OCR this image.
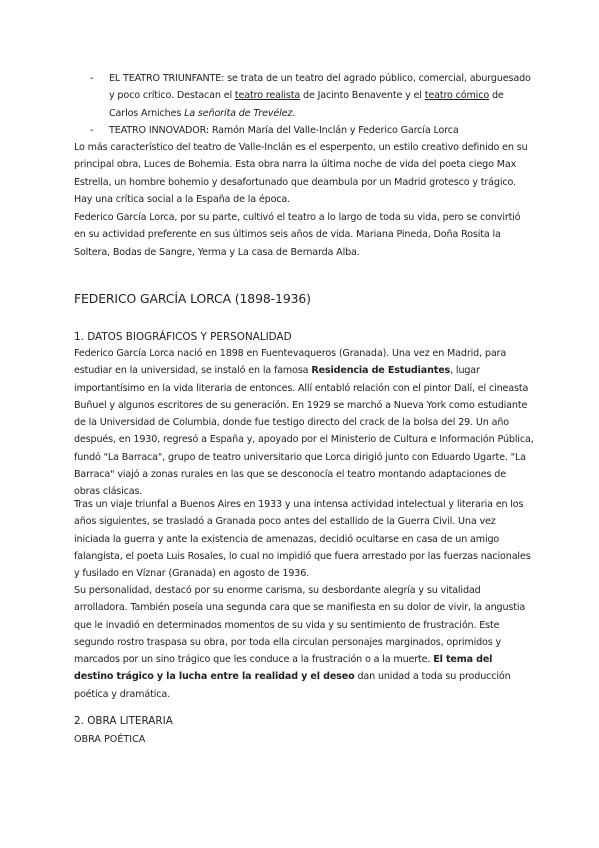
- EL TEATRO TRIUNFANTE: se trata de un teatro del agrado público, comercial, aburguesado y poco crítico. Destacan el teatro realista de Jacinto Benavente y el teatro cómico de Carlos Arniches La señorita de Trevélez.
- TEATRO INNOVADOR: Ramón María del Valle-Inclán y Federico García Lorca
Lo más característico del teatro de Valle-Inclán es el esperpento, un estilo creativo definido en su principal obra, Luces de Bohemia. Esta obra narra la última noche de vida del poeta ciego Max Estrella, un hombre bohemio y desafortunado que deambula por un Madrid grotesco y trágico. Hay una crítica social a la España de la época.
Federico García Lorca, por su parte, cultivó el teatro a lo largo de toda su vida, pero se convirtió en su actividad preferente en sus últimos seis años de vida. Mariana Pineda, Doña Rosita la Soltera, Bodas de Sangre, Yerma y La casa de Bernarda Alba.
FEDERICO GARCÍA LORCA (1898-1936)
1. DATOS BIOGRÁFICOS Y PERSONALIDAD
Federico García Lorca nació en 1898 en Fuentevaqueros (Granada). Una vez en Madrid, para estudiar en la universidad, se instaló en la famosa Residencia de Estudiantes, lugar importantísimo en la vida literaria de entonces. Allí entabló relación con el pintor Dalí, el cineasta Buñuel y algunos escritores de su generación. En 1929 se marchó a Nueva York como estudiante de la Universidad de Columbia, donde fue testigo directo del crack de la bolsa del 29. Un año después, en 1930, regresó a España y, apoyado por el Ministerio de Cultura e Información Pública, fundó "La Barraca", grupo de teatro universitario que Lorca dirigió junto con Eduardo Ugarte. "La Barraca" viajó a zonas rurales en las que se desconocía el teatro montando adaptaciones de obras clásicas.
Tras un viaje triunfal a Buenos Aires en 1933 y una intensa actividad intelectual y literaria en los años siguientes, se trasladó a Granada poco antes del estallido de la Guerra Civil. Una vez iniciada la guerra y ante la existencia de amenazas, decidió ocultarse en casa de un amigo falangista, el poeta Luis Rosales, lo cual no impidió que fuera arrestado por las fuerzas nacionales y fusilado en Víznar (Granada) en agosto de 1936.
Su personalidad, destacó por su enorme carisma, su desbordante alegría y su vitalidad arrolladora. También poseía una segunda cara que se manifiesta en su dolor de vivir, la angustia que le invadió en determinados momentos de su vida y su sentimiento de frustración. Este segundo rostro traspasa su obra, por toda ella circulan personajes marginados, oprimidos y marcados por un sino trágico que les conduce a la frustración o a la muerte. El tema del destino trágico y la lucha entre la realidad y el deseo dan unidad a toda su producción poética y dramática.
2. OBRA LITERARIA
OBRA POÉTICA
